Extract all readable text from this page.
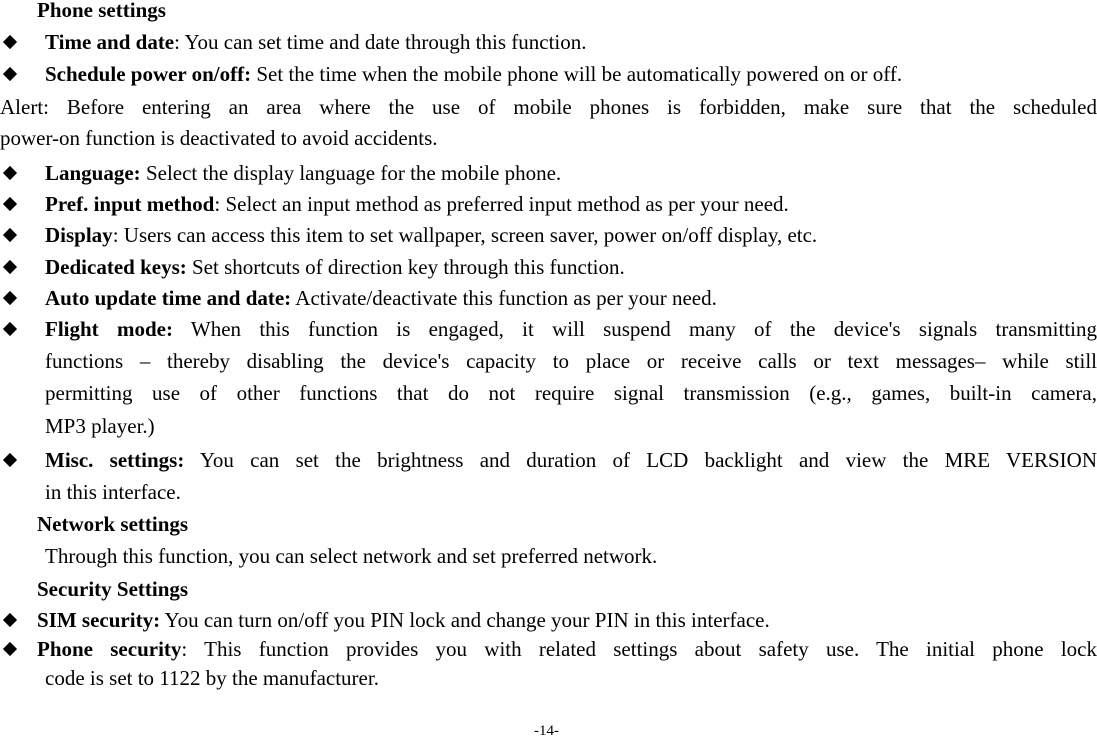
Phone settings
Time and date: You can set time and date through this function.
Schedule power on/off: Set the time when the mobile phone will be automatically powered on or off.
Alert: Before entering an area where the use of mobile phones is forbidden, make sure that the scheduled
power-on function is deactivated to avoid accidents.
Language: Select the display language for the mobile phone.
Pref. input method: Select an input method as preferred input method as per your need.
Display: Users can access this item to set wallpaper, screen saver, power on/off display, etc.
Dedicated keys: Set shortcuts of direction key through this function.
Auto update time and date: Activate/deactivate this function as per your need.
Flight mode: When this function is engaged, it will suspend many of the device's signals transmitting
functions – thereby disabling the device's capacity to place or receive calls or text messages– while still
permitting use of other functions that do not require signal transmission (e.g., games, built-in camera,
MP3 player.)
Misc. settings: You can set the brightness and duration of LCD backlight and view the MRE VERSION
in this interface.
Network settings
Through this function, you can select network and set preferred network.
Security Settings
SIM security: You can turn on/off you PIN lock and change your PIN in this interface.
Phone security: This function provides you with related settings about safety use. The initial phone lock
code is set to 1122 by the manufacturer.
-14-
